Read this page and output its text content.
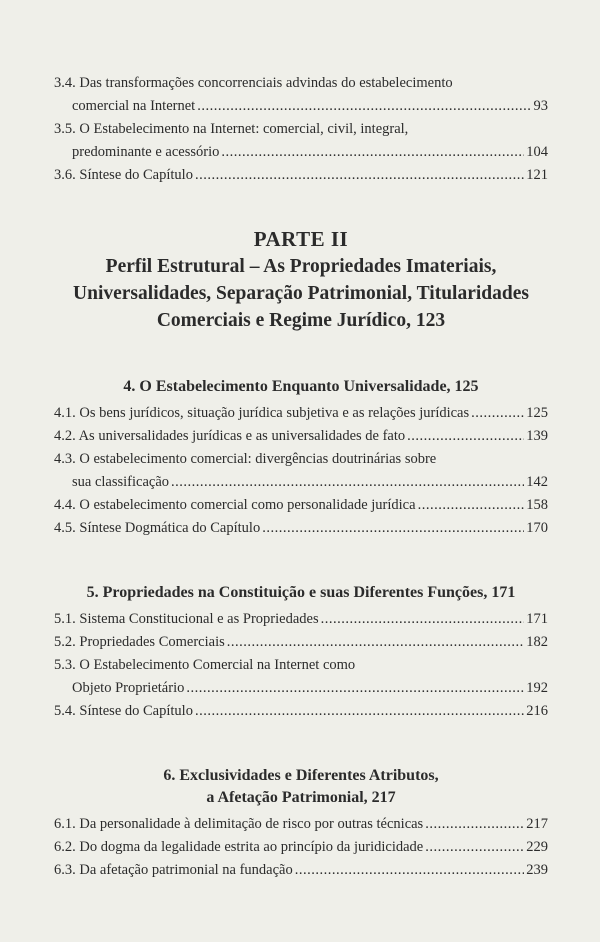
3.4. Das transformações concorrenciais advindas do estabelecimento
comercial na Internet .....	93
3.5. O Estabelecimento na Internet: comercial, civil, integral,
predominante e acessório .....	104
3.6. Síntese do Capítulo .....	121
PARTE II
Perfil Estrutural – As Propriedades Imateriais,
Universalidades, Separação Patrimonial, Titularidades
Comerciais e Regime Jurídico, 123
4. O Estabelecimento Enquanto Universalidade, 125
4.1. Os bens jurídicos, situação jurídica subjetiva e as relações jurídicas .....	125
4.2. As universalidades jurídicas e as universalidades de fato .....	139
4.3. O estabelecimento comercial: divergências doutrinárias sobre
sua classificação .....	142
4.4. O estabelecimento comercial como personalidade jurídica .....	158
4.5. Síntese Dogmática do Capítulo .....	170
5. Propriedades na Constituição e suas Diferentes Funções, 171
5.1. Sistema Constitucional e as Propriedades .....	171
5.2. Propriedades Comerciais .....	182
5.3. O Estabelecimento Comercial na Internet como
Objeto Proprietário .....	192
5.4. Síntese do Capítulo .....	216
6. Exclusividades e Diferentes Atributos,
a Afetação Patrimonial, 217
6.1. Da personalidade à delimitação de risco por outras técnicas .....	217
6.2. Do dogma da legalidade estrita ao princípio da juridicidade .....	229
6.3. Da afetação patrimonial na fundação .....	239
